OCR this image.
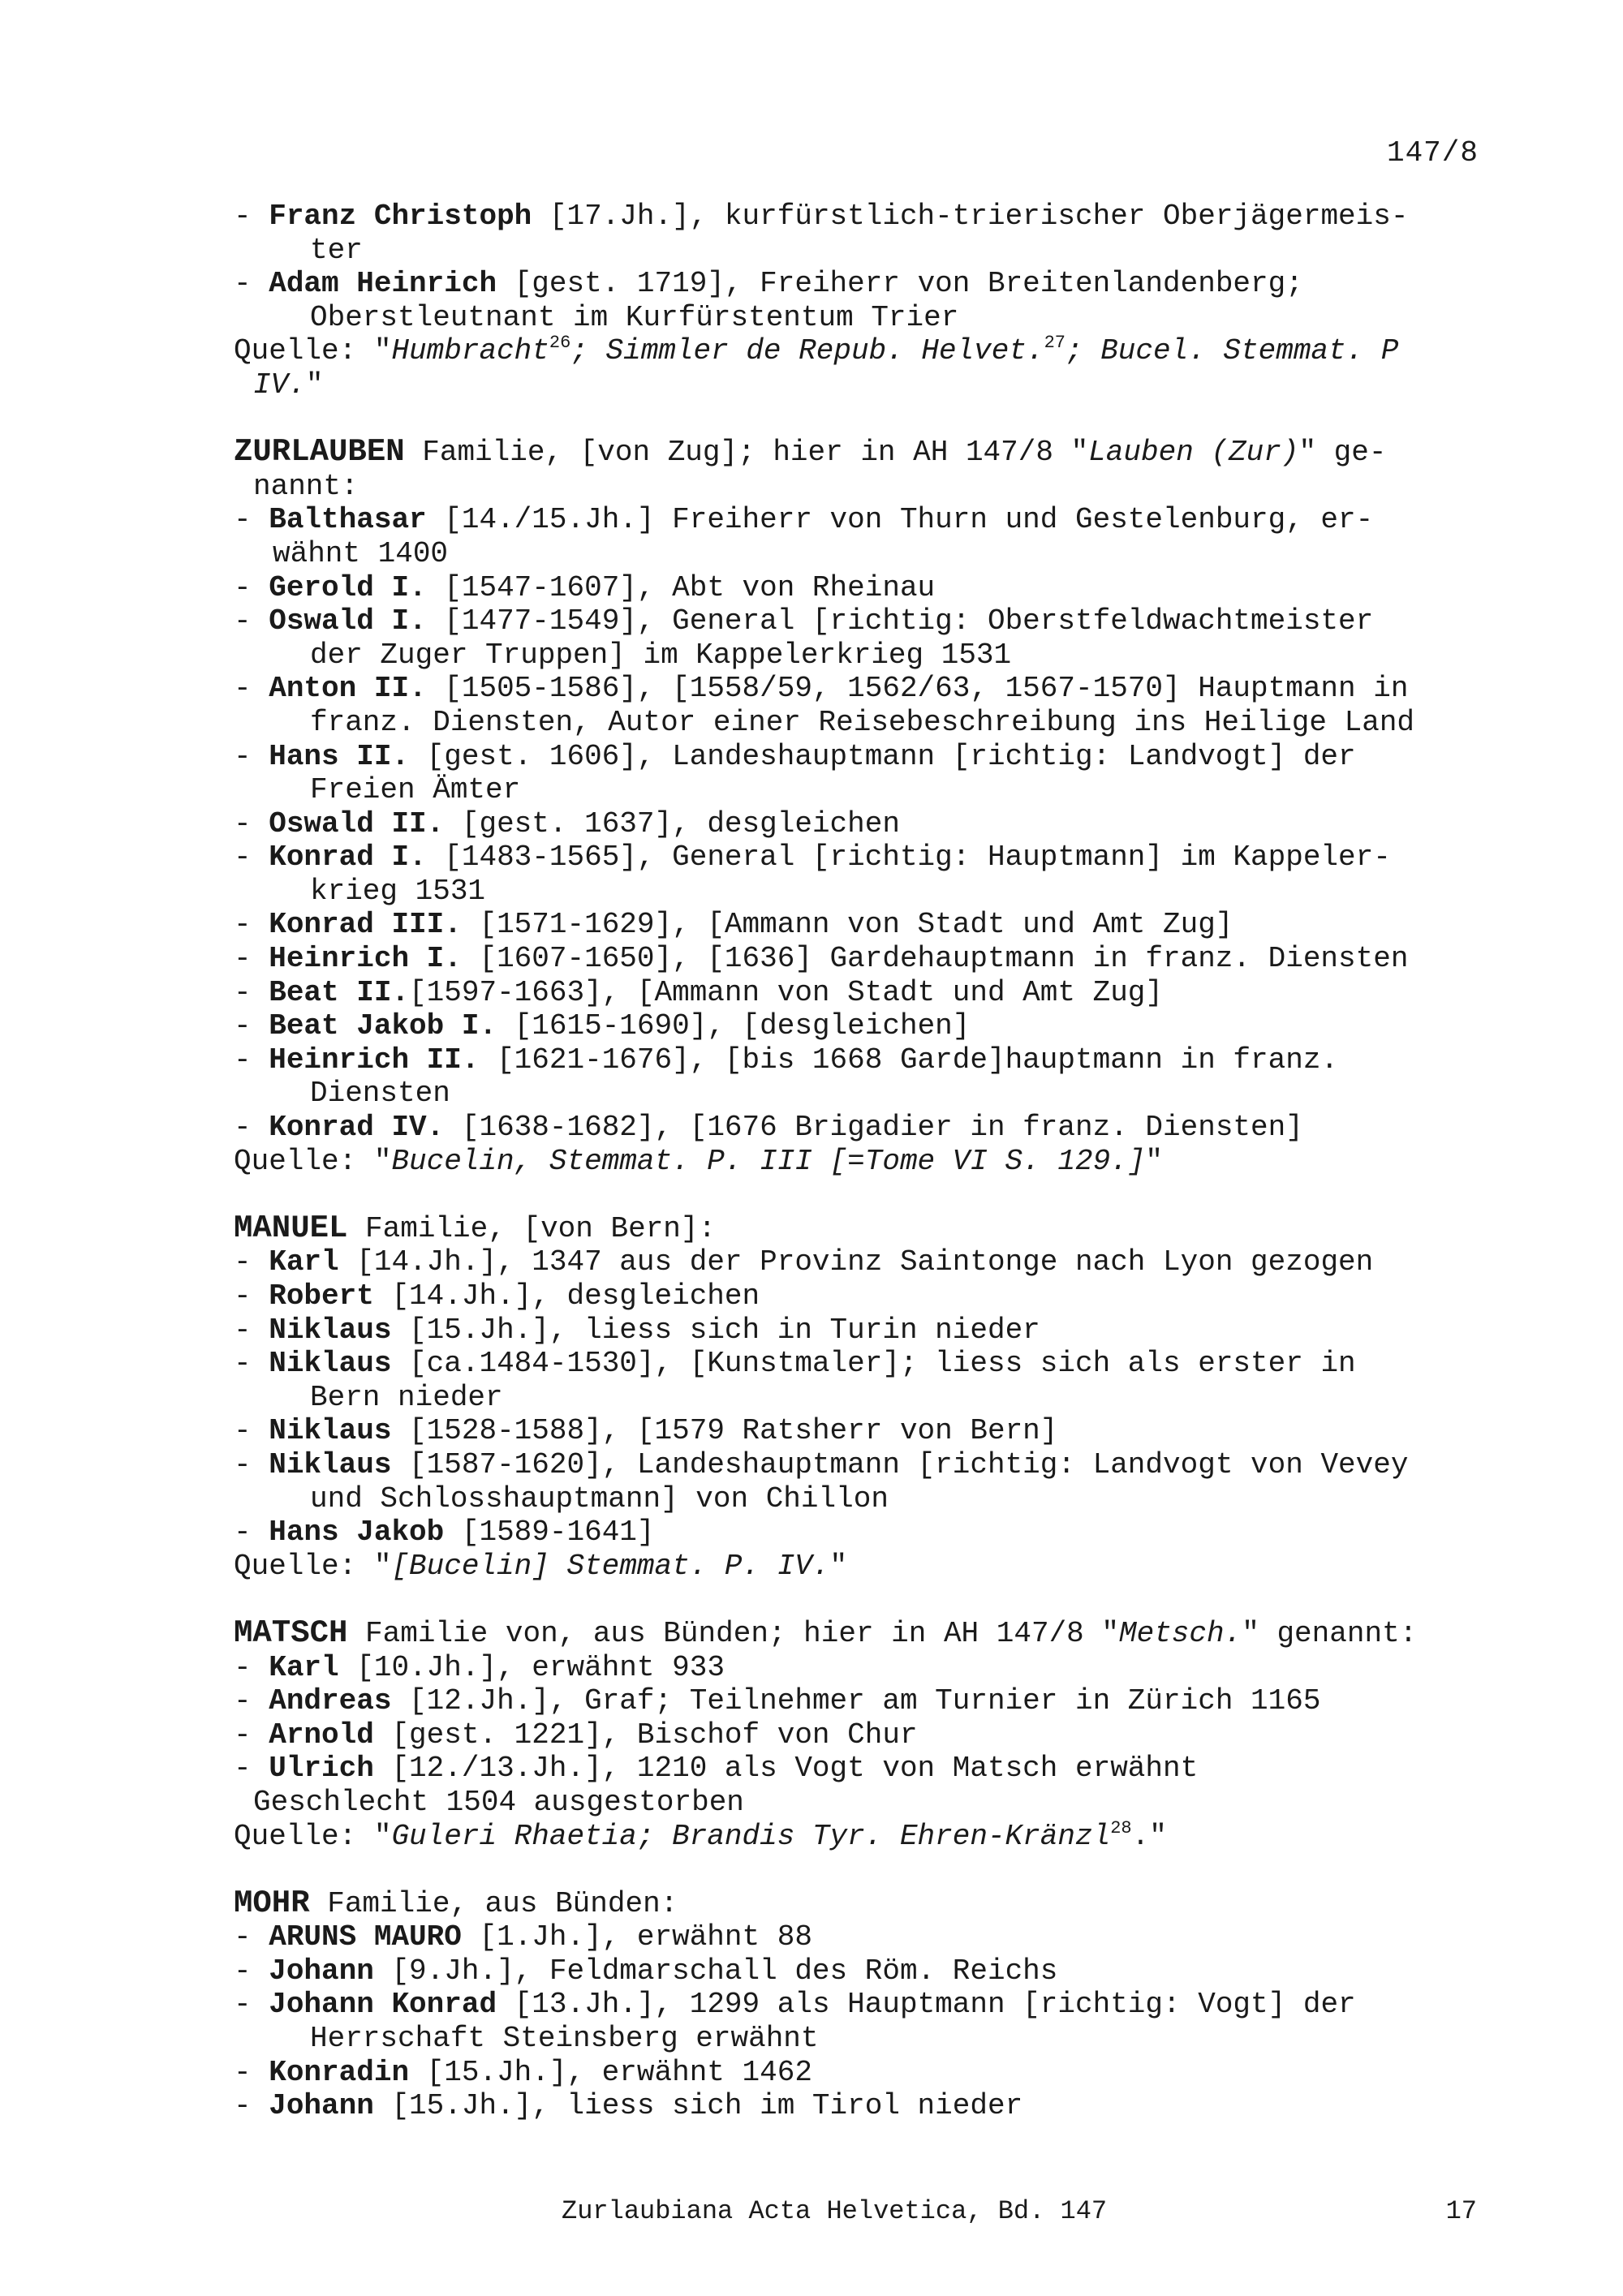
147/8
- Franz Christoph [17.Jh.], kurfürstlich-trierischer Oberjägermeis-
ter
- Adam Heinrich [gest. 1719], Freiherr von Breitenlandenberg;
Oberstleutnant im Kurfürstentum Trier
Quelle: "Humbracht$^{26}$; Simmler de Repub. Helvet.$^{27}$; Bucel. Stemmat. P
IV."
ZURLAUBEN Familie, [von Zug]; hier in AH 147/8 "Lauben (Zur)" ge-
nannt:
- Balthasar [14./15.Jh.] Freiherr von Thurn und Gestelenburg, er-
wähnt 1400
- Gerold I. [1547-1607], Abt von Rheinau
- Oswald I. [1477-1549], General [richtig: Oberstfeldwachtmeister
der Zuger Truppen] im Kappelerkrieg 1531
- Anton II. [1505-1586], [1558/59, 1562/63, 1567-1570] Hauptmann in
franz. Diensten, Autor einer Reisebeschreibung ins Heilige Land
- Hans II. [gest. 1606], Landeshauptmann [richtig: Landvogt] der
Freien Ämter
- Oswald II. [gest. 1637], desgleichen
- Konrad I. [1483-1565], General [richtig: Hauptmann] im Kappeler-
krieg 1531
- Konrad III. [1571-1629], [Ammann von Stadt und Amt Zug]
- Heinrich I. [1607-1650], [1636] Gardehauptmann in franz. Diensten
- Beat II.[1597-1663], [Ammann von Stadt und Amt Zug]
- Beat Jakob I. [1615-1690], [desgleichen]
- Heinrich II. [1621-1676], [bis 1668 Garde]hauptmann in franz.
Diensten
- Konrad IV. [1638-1682], [1676 Brigadier in franz. Diensten]
Quelle: "Bucelin, Stemmat. P. III [=Tome VI S. 129.]"
MANUEL Familie, [von Bern]:
- Karl [14.Jh.], 1347 aus der Provinz Saintonge nach Lyon gezogen
- Robert [14.Jh.], desgleichen
- Niklaus [15.Jh.], liess sich in Turin nieder
- Niklaus [ca.1484-1530], [Kunstmaler]; liess sich als erster in
Bern nieder
- Niklaus [1528-1588], [1579 Ratsherr von Bern]
- Niklaus [1587-1620], Landeshauptmann [richtig: Landvogt von Vevey
und Schlosshauptmann] von Chillon
- Hans Jakob [1589-1641]
Quelle: "[Bucelin] Stemmat. P. IV."
MATSCH Familie von, aus Bünden; hier in AH 147/8 "Metsch." genannt:
- Karl [10.Jh.], erwähnt 933
- Andreas [12.Jh.], Graf; Teilnehmer am Turnier in Zürich 1165
- Arnold [gest. 1221], Bischof von Chur
- Ulrich [12./13.Jh.], 1210 als Vogt von Matsch erwähnt
Geschlecht 1504 ausgestorben
Quelle: "Guleri Rhaetia; Brandis Tyr. Ehren-Kränzl$^{28}$."
MOHR Familie, aus Bünden:
- ARUNS MAURO [1.Jh.], erwähnt 88
- Johann [9.Jh.], Feldmarschall des Röm. Reichs
- Johann Konrad [13.Jh.], 1299 als Hauptmann [richtig: Vogt] der
Herrschaft Steinsberg erwähnt
- Konradin [15.Jh.], erwähnt 1462
- Johann [15.Jh.], liess sich im Tirol nieder
Zurlaubiana Acta Helvetica, Bd. 147	17
